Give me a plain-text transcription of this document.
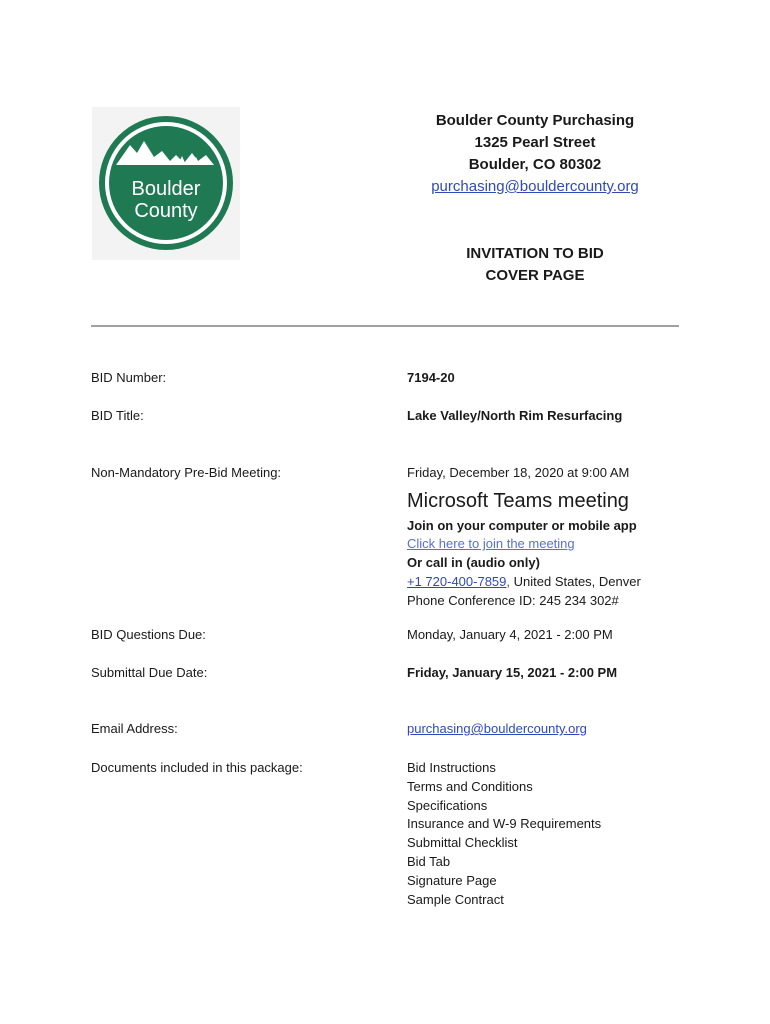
Boulder
County
Boulder County Purchasing
1325 Pearl Street
Boulder, CO 80302
purchasing@bouldercounty.org
INVITATION TO BID
COVER PAGE
BID Number:	7194-20
BID Title:	Lake Valley/North Rim Resurfacing
Non-Mandatory Pre-Bid Meeting:	Friday, December 18, 2020 at 9:00 AM
Microsoft Teams meeting
Join on your computer or mobile app
Click here to join the meeting
Or call in (audio only)
+1 720-400-7859, United States, Denver
Phone Conference ID: 245 234 302#
BID Questions Due:	Monday, January 4, 2021 - 2:00 PM
Submittal Due Date:	Friday, January 15, 2021 - 2:00 PM
Email Address:	purchasing@bouldercounty.org
Documents included in this package:	Bid Instructions
Terms and Conditions
Specifications
Insurance and W-9 Requirements
Submittal Checklist
Bid Tab
Signature Page
Sample Contract
